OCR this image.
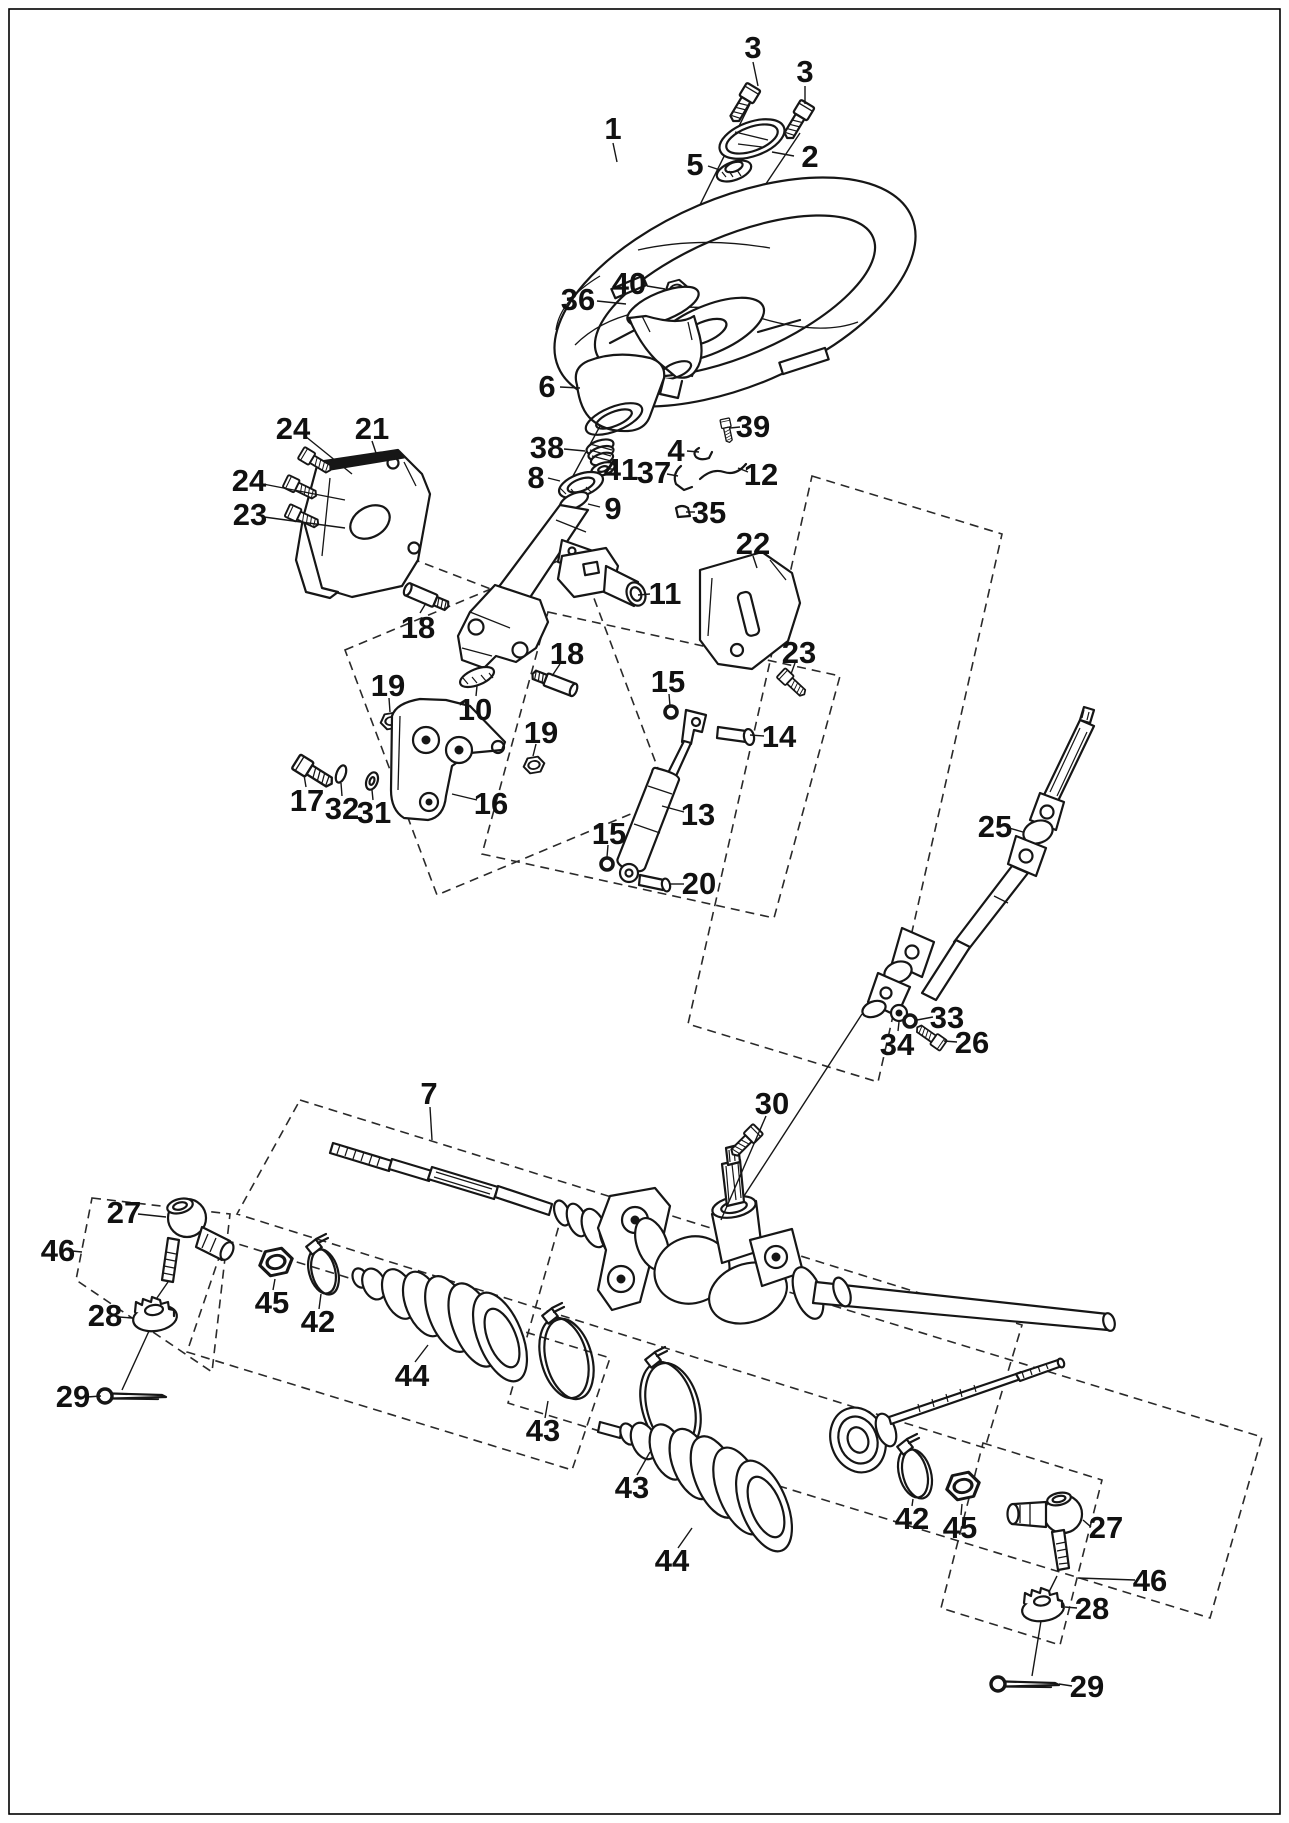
3
3
1
2
5
40
36
6
38
41
8	37
4
39
12
9 35
24 21
24
23
22
11
18
18
19
10
19
15
14
23
17 32
31	16
15
13
20
25
33
34 26
7	30
27
46
28
29
45
42
44
43
43
44
42 45	27
46
28
29
